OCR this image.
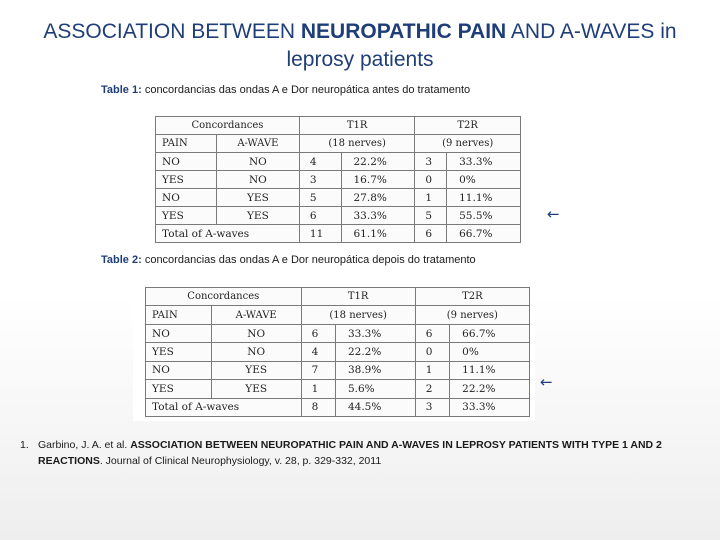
ASSOCIATION BETWEEN NEUROPATHIC PAIN AND A-WAVES in leprosy patients
Table 1: concordancias das ondas A e Dor neuropática antes do tratamento
Concordances		T1R		T2R	
PAIN	A-WAVE	(18 nerves)		(9 nerves)	
NO	NO	4	22.2%	3	33.3%
YES	NO	3	16.7%	0	0%
NO	YES	5	27.8%	1	11.1%
YES	YES	6	33.3%	5	55.5%
Total of A-waves		11	61.1%	6	66.7%
←
Table 2: concordancias das ondas A e Dor neuropática depois do tratamento
Concordances		T1R		T2R	
PAIN	A-WAVE	(18 nerves)		(9 nerves)	
NO	NO	6	33.3%	6	66.7%
YES	NO	4	22.2%	0	0%
NO	YES	7	38.9%	1	11.1%
YES	YES	1	5.6%	2	22.2%
Total of A-waves		8	44.5%	3	33.3%
←
1. Garbino, J. A. et al. ASSOCIATION BETWEEN NEUROPATHIC PAIN AND A-WAVES IN LEPROSY PATIENTS WITH TYPE 1 AND 2 REACTIONS. Journal of Clinical Neurophysiology, v. 28, p. 329-332, 2011
